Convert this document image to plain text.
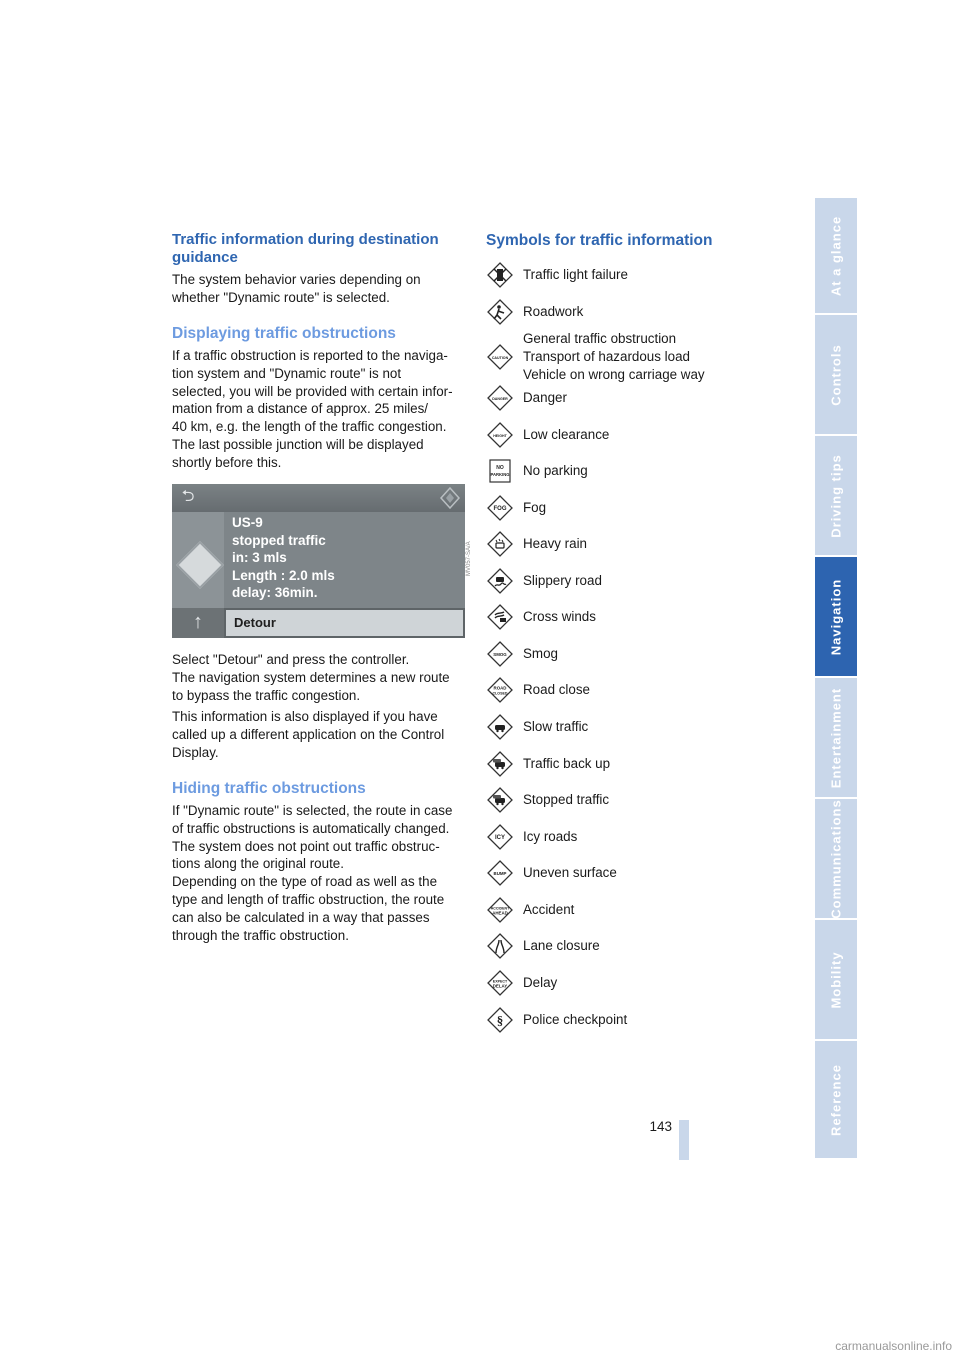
At a glance
Controls
Driving tips
Navigation
Entertainment
Communications
Mobility
Reference
Traffic information during destination
guidance

The system behavior varies depending on
whether "Dynamic route" is selected.

Displaying traffic obstructions

If a traffic obstruction is reported to the naviga-
tion system and "Dynamic route" is not
selected, you will be provided with certain infor-
mation from a distance of approx. 25 miles/
40 km, e.g. the length of the traffic congestion.
The last possible junction will be displayed
shortly before this.

⮌
US-9
stopped traffic
in: 3 mls
Length : 2.0 mls
delay: 36min.
↑	Detour
MV057-SA/A

Select "Detour" and press the controller.
The navigation system determines a new route
to bypass the traffic congestion.

This information is also displayed if you have
called up a different application on the Control
Display.

Hiding traffic obstructions

If "Dynamic route" is selected, the route in case
of traffic obstructions is automatically changed.
The system does not point out traffic obstruc-
tions along the original route.
Depending on the type of road as well as the
type and length of traffic obstruction, the route
can also be calculated in a way that passes
through the traffic obstruction.

Symbols for traffic information
Traffic light failure
Roadwork
CAUTION
General traffic obstruction
Transport of hazardous load
Vehicle on wrong carriage way
DANGER Danger
HEIGHT Low clearance
NO
PARKING No parking
FOG Fog
Heavy rain
Slippery road
Cross winds
SMOG Smog
ROAD
CLOSED Road close
Slow traffic
Traffic back up
Stopped traffic
ICY Icy roads
BUMP Uneven surface
ACCIDENT
AHEAD Accident
Lane closure
EXPECT
DELAY Delay
§ Police checkpoint
143
carmanualsonline.info
